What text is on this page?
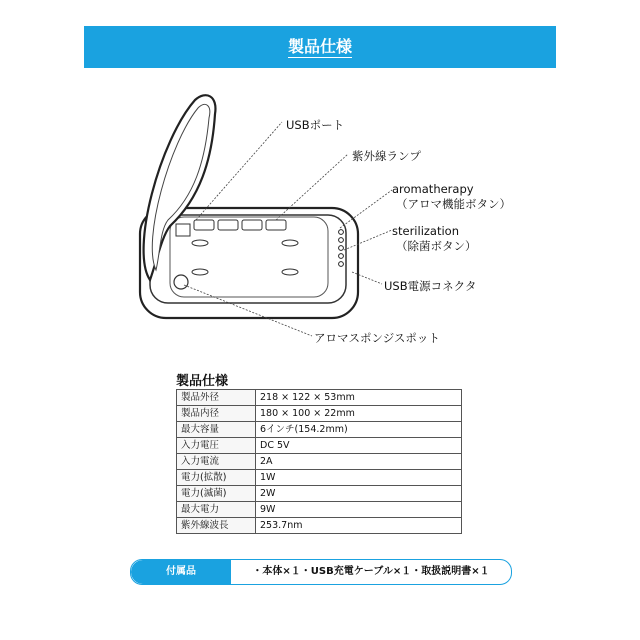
製品仕様
USBポート
紫外線ランプ
aromatherapy
（アロマ機能ボタン）
sterilization
（除菌ボタン）
USB電源コネクタ
アロマスポンジスポット
製品仕様
製品外径	218 × 122 × 53mm
製品内径	180 × 100 × 22mm
最大容量	6インチ(154.2mm)
入力電圧	DC 5V
入力電流	2A
電力(拡散)	1W
電力(滅菌)	2W
最大電力	9W
紫外線波長	253.7nm
付属品	・本体×１・USB充電ケーブル×１・取扱説明書×１
